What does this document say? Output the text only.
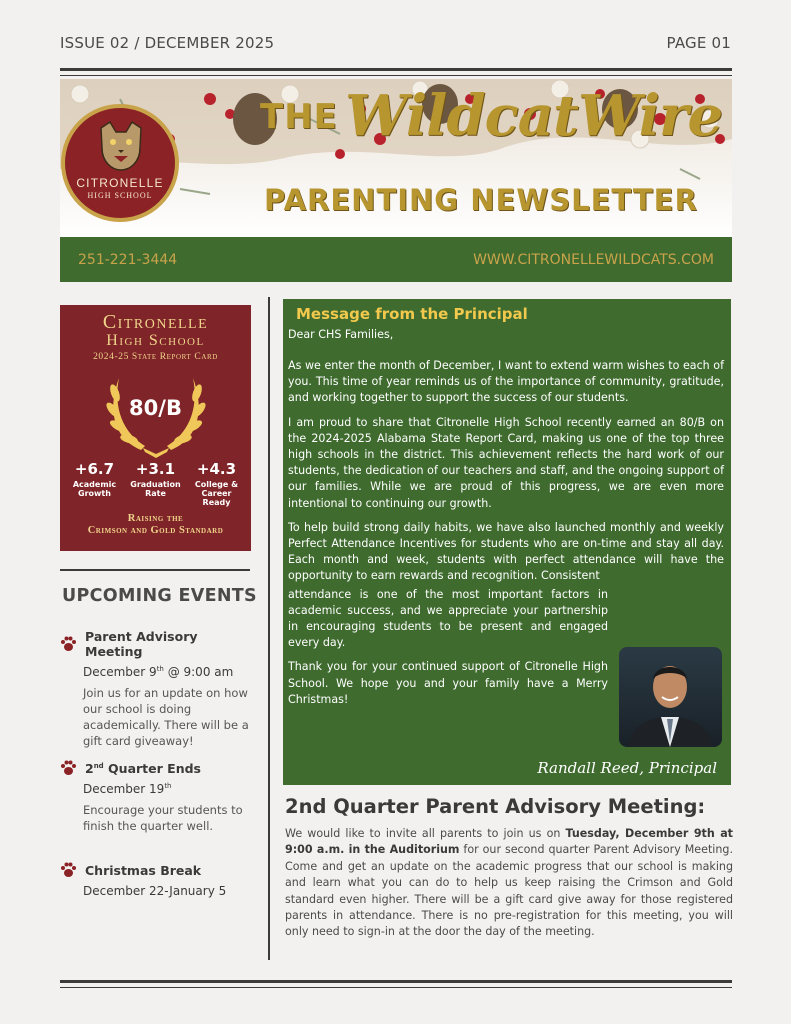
ISSUE 02 / DECEMBER 2025	PAGE 01
CITRONELLE
HIGH SCHOOL
THE WildcatWire
PARENTING NEWSLETTER
251-221-3444	WWW.CITRONELLEWILDCATS.COM
Citronelle
High School
2024-25 State Report Card
80/B
+6.7
Academic Growth
+3.1
Graduation Rate
+4.3
College & Career Ready
Raising the
Crimson and Gold Standard
UPCOMING EVENTS
Parent Advisory Meeting
December 9th @ 9:00 am
Join us for an update on how our school is doing academically. There will be a gift card giveaway!
2nd Quarter Ends
December 19th
Encourage your students to finish the quarter well.
Christmas Break
December 22-January 5
Message from the Principal
Dear CHS Families,
As we enter the month of December, I want to extend warm wishes to each of you. This time of year reminds us of the importance of community, gratitude, and working together to support the success of our students.
I am proud to share that Citronelle High School recently earned an 80/B on the 2024-2025 Alabama State Report Card, making us one of the top three high schools in the district. This achievement reflects the hard work of our students, the dedication of our teachers and staff, and the ongoing support of our families. While we are proud of this progress, we are even more intentional to continuing our growth.
To help build strong daily habits, we have also launched monthly and weekly Perfect Attendance Incentives for students who are on-time and stay all day. Each month and week, students with perfect attendance will have the opportunity to earn rewards and recognition. Consistent
attendance is one of the most important factors in academic success, and we appreciate your partnership in encouraging students to be present and engaged every day.
Thank you for your continued support of Citronelle High School. We hope you and your family have a Merry Christmas!
Randall Reed, Principal
2nd Quarter Parent Advisory Meeting:
We would like to invite all parents to join us on Tuesday, December 9th at 9:00 a.m. in the Auditorium for our second quarter Parent Advisory Meeting. Come and get an update on the academic progress that our school is making and learn what you can do to help us keep raising the Crimson and Gold standard even higher. There will be a gift card give away for those registered parents in attendance. There is no pre-registration for this meeting, you will only need to sign-in at the door the day of the meeting.
